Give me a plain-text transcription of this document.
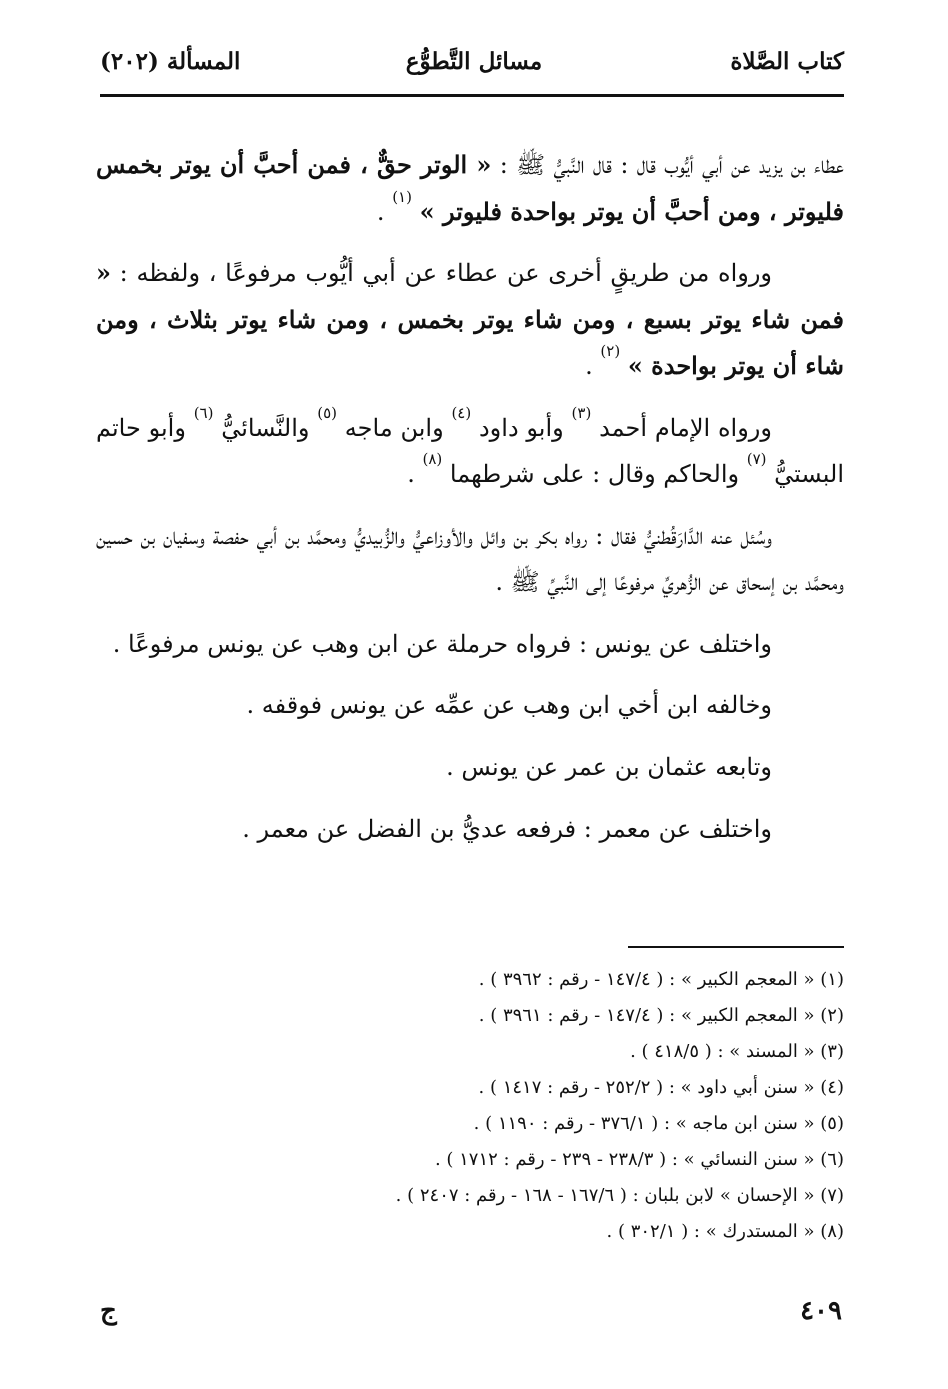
كتاب الصَّلاة
مسائل التَّطوُّع
المسألة (٢٠٢)

عطاء بن يزيد عن أبي أيُّوب قال : قال النَّبيُّ ﷺ : « الوتر حقٌّ ، فمن أحبَّ أن يوتر بخمس فليوتر ، ومن أحبَّ أن يوتر بواحدة فليوتر » $^{(١)}$ .

ورواه من طريقٍ أخرى عن عطاء عن أبي أيُّوب مرفوعًا ، ولفظه : « فمن شاء يوتر بسبع ، ومن شاء يوتر بخمس ، ومن شاء يوتر بثلاث ، ومن شاء أن يوتر بواحدة » $^{(٢)}$ .

ورواه الإمام أحمد $^{(٣)}$ وأبو داود $^{(٤)}$ وابن ماجه $^{(٥)}$ والنَّسائيُّ $^{(٦)}$ وأبو حاتم البستيُّ $^{(٧)}$ والحاكم وقال : على شرطهما $^{(٨)}$ .

وسُئل عنه الدَّارَقُطنيُّ فقال : رواه بكر بن وائل والأوزاعيُّ والزُّبيديُّ ومحمَّد بن أبي حفصة وسفيان بن حسين ومحمَّد بن إسحاق عن الزُّهريِّ مرفوعًا إلى النَّبيِّ ﷺ .

واختلف عن يونس : فرواه حرملة عن ابن وهب عن يونس مرفوعًا .

وخالفه ابن أخي ابن وهب عن عمِّه عن يونس فوقفه .

وتابعه عثمان بن عمر عن يونس .

واختلف عن معمر : فرفعه عديُّ بن الفضل عن معمر .

(١) « المعجم الكبير » : ( ١٤٧/٤ - رقم : ٣٩٦٢ ) .
(٢) « المعجم الكبير » : ( ١٤٧/٤ - رقم : ٣٩٦١ ) .
(٣) « المسند » : ( ٤١٨/٥ ) .
(٤) « سنن أبي داود » : ( ٢٥٢/٢ - رقم : ١٤١٧ ) .
(٥) « سنن ابن ماجه » : ( ٣٧٦/١ - رقم : ١١٩٠ ) .
(٦) « سنن النسائي » : ( ٢٣٨/٣ - ٢٣٩ - رقم : ١٧١٢ ) .
(٧) « الإحسان » لابن بلبان : ( ١٦٧/٦ - ١٦٨ - رقم : ٢٤٠٧ ) .
(٨) « المستدرك » : ( ٣٠٢/١ ) .
٤٠٩
ج
